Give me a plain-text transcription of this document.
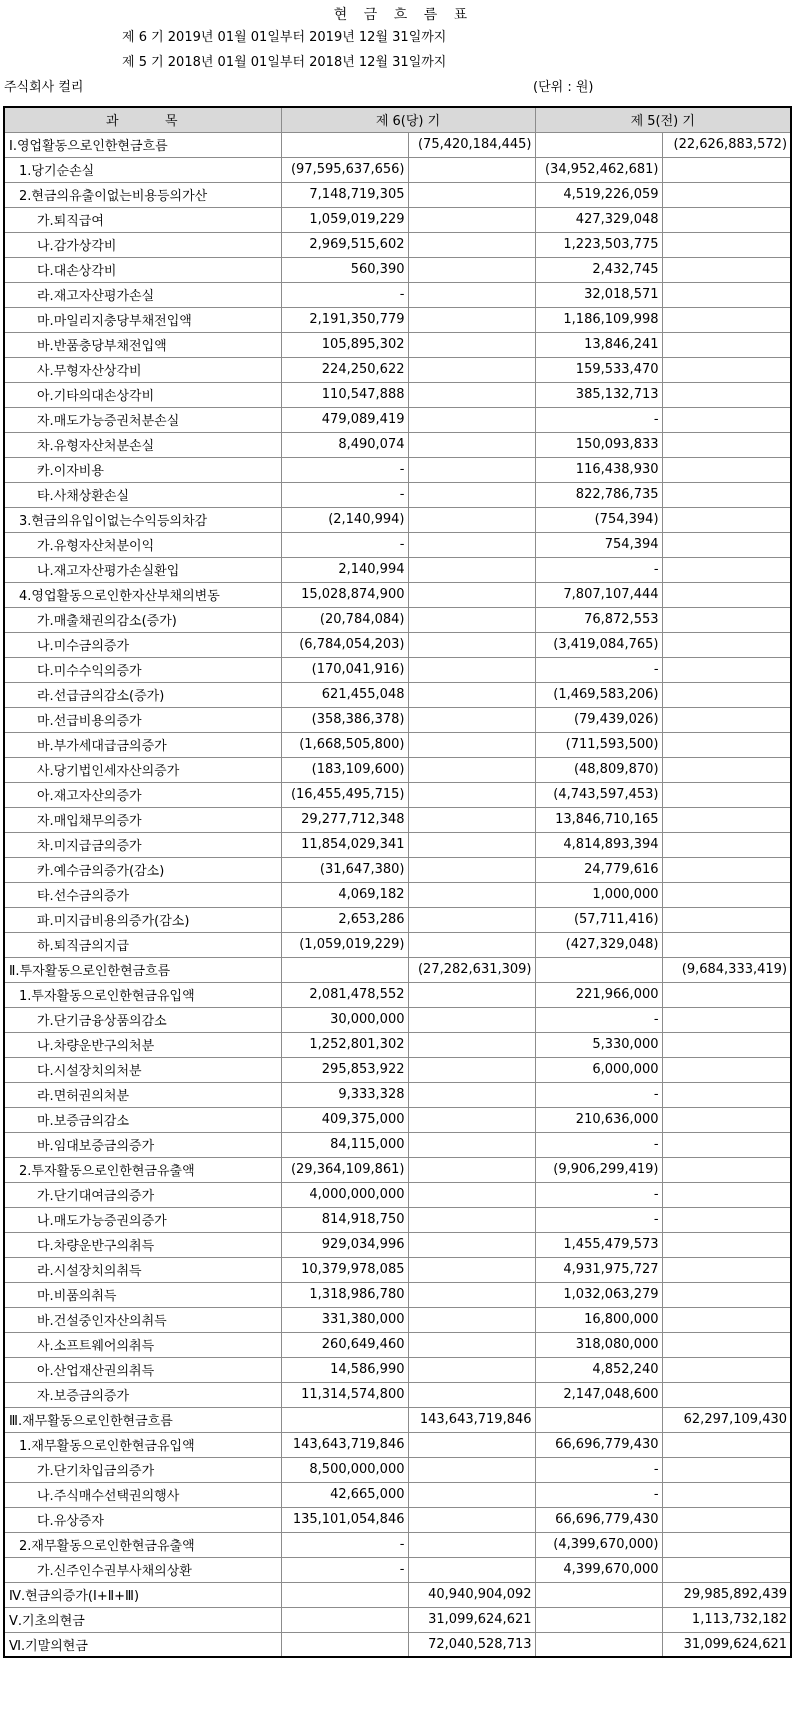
현 금 흐 름 표
제 6 기 2019년 01월 01일부터 2019년 12월 31일까지
제 5 기 2018년 01월 01일부터 2018년 12월 31일까지
주식회사 컬리	(단위 : 원)
과 목	제 6(당) 기		제 5(전) 기	
Ⅰ.영업활동으로인한현금흐름		(75,420,184,445)		(22,626,883,572)
1.당기순손실	(97,595,637,656)		(34,952,462,681)	
2.현금의유출이없는비용등의가산	7,148,719,305		4,519,226,059	
가.퇴직급여	1,059,019,229		427,329,048	
나.감가상각비	2,969,515,602		1,223,503,775	
다.대손상각비	560,390		2,432,745	
라.재고자산평가손실	-		32,018,571	
마.마일리지충당부채전입액	2,191,350,779		1,186,109,998	
바.반품충당부채전입액	105,895,302		13,846,241	
사.무형자산상각비	224,250,622		159,533,470	
아.기타의대손상각비	110,547,888		385,132,713	
자.매도가능증권처분손실	479,089,419		-	
차.유형자산처분손실	8,490,074		150,093,833	
카.이자비용	-		116,438,930	
타.사채상환손실	-		822,786,735	
3.현금의유입이없는수익등의차감	(2,140,994)		(754,394)	
가.유형자산처분이익	-		754,394	
나.재고자산평가손실환입	2,140,994		-	
4.영업활동으로인한자산부채의변동	15,028,874,900		7,807,107,444	
가.매출채권의감소(증가)	(20,784,084)		76,872,553	
나.미수금의증가	(6,784,054,203)		(3,419,084,765)	
다.미수수익의증가	(170,041,916)		-	
라.선급금의감소(증가)	621,455,048		(1,469,583,206)	
마.선급비용의증가	(358,386,378)		(79,439,026)	
바.부가세대급금의증가	(1,668,505,800)		(711,593,500)	
사.당기법인세자산의증가	(183,109,600)		(48,809,870)	
아.재고자산의증가	(16,455,495,715)		(4,743,597,453)	
자.매입채무의증가	29,277,712,348		13,846,710,165	
차.미지급금의증가	11,854,029,341		4,814,893,394	
카.예수금의증가(감소)	(31,647,380)		24,779,616	
타.선수금의증가	4,069,182		1,000,000	
파.미지급비용의증가(감소)	2,653,286		(57,711,416)	
하.퇴직금의지급	(1,059,019,229)		(427,329,048)	
Ⅱ.투자활동으로인한현금흐름		(27,282,631,309)		(9,684,333,419)
1.투자활동으로인한현금유입액	2,081,478,552		221,966,000	
가.단기금융상품의감소	30,000,000		-	
나.차량운반구의처분	1,252,801,302		5,330,000	
다.시설장치의처분	295,853,922		6,000,000	
라.면허권의처분	9,333,328		-	
마.보증금의감소	409,375,000		210,636,000	
바.임대보증금의증가	84,115,000		-	
2.투자활동으로인한현금유출액	(29,364,109,861)		(9,906,299,419)	
가.단기대여금의증가	4,000,000,000		-	
나.매도가능증권의증가	814,918,750		-	
다.차량운반구의취득	929,034,996		1,455,479,573	
라.시설장치의취득	10,379,978,085		4,931,975,727	
마.비품의취득	1,318,986,780		1,032,063,279	
바.건설중인자산의취득	331,380,000		16,800,000	
사.소프트웨어의취득	260,649,460		318,080,000	
아.산업재산권의취득	14,586,990		4,852,240	
자.보증금의증가	11,314,574,800		2,147,048,600	
Ⅲ.재무활동으로인한현금흐름		143,643,719,846		62,297,109,430
1.재무활동으로인한현금유입액	143,643,719,846		66,696,779,430	
가.단기차입금의증가	8,500,000,000		-	
나.주식매수선택권의행사	42,665,000		-	
다.유상증자	135,101,054,846		66,696,779,430	
2.재무활동으로인한현금유출액	-		(4,399,670,000)	
가.신주인수권부사채의상환	-		4,399,670,000	
Ⅳ.현금의증가(Ⅰ+Ⅱ+Ⅲ)		40,940,904,092		29,985,892,439
Ⅴ.기초의현금		31,099,624,621		1,113,732,182
Ⅵ.기말의현금		72,040,528,713		31,099,624,621
